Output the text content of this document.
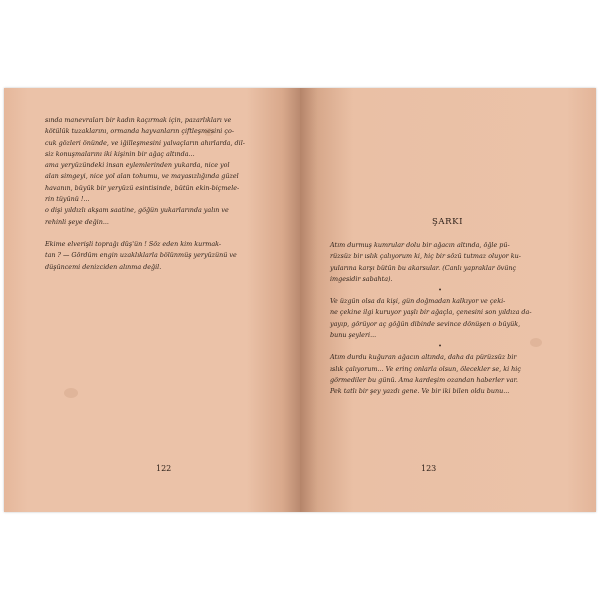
sında manevraları bir kadın kaçırmak için, pazarlıkları ve
kötülük tuzaklarını, ormanda hayvanların çiftleşmesini ço-
cuk gözleri önünde, ve iğilleşmesini yalvaçların ahırlarda, dil-
siz konuşmalarını iki kişinin bir ağaç altında...
ama yeryüzündeki insan eylemlerinden yukarda, nice yol
alan simgeyi, nice yol alan tohumu, ve mayasızlığında güzel
havanın, büyük bir yeryüzü esintisinde, bütün ekin-biçmele-
rin tüyünü !...
o dişi yıldızlı akşam saatine, göğün yukarlarında yalın ve
rehinli şeye değin...

Ekime elverişli toprağı düş'ün ! Söz eden kim kurmak-
tan ? — Gördüm engin uzaklıklarla bölünmüş yeryüzünü ve
düşüncemi denizciden alınma değil.

122
ŞARKI

Atım durmuş kumrular dolu bir ağacın altında, öğle pü-
rüzsüz bir ıslık çalıyorum ki, hiç bir sözü tutmaz oluyor ku-
yularına karşı bütün bu akarsular. (Canlı yapraklar övünç
imgesidir sabahta).

•

Ve üzgün olsa da kişi, gün doğmadan kalkıyor ve çeki-
ne çekine ilgi kuruyor yaşlı bir ağaçla, çenesini son yıldıza da-
yayıp, görüyor aç göğün dibinde sevince dönüşen o büyük,
bunu şeyleri...

•

Atım durdu kuğuran ağacın altında, daha da pürüzsüz bir
ıslık çalıyorum... Ve erinç onlarla olsun, ölecekler se, ki hiç
görmediler bu günü. Ama kardeşim ozandan haberler var.
Pek tatlı bir şey yazdı gene. Ve bir iki bilen oldu bunu...

123
